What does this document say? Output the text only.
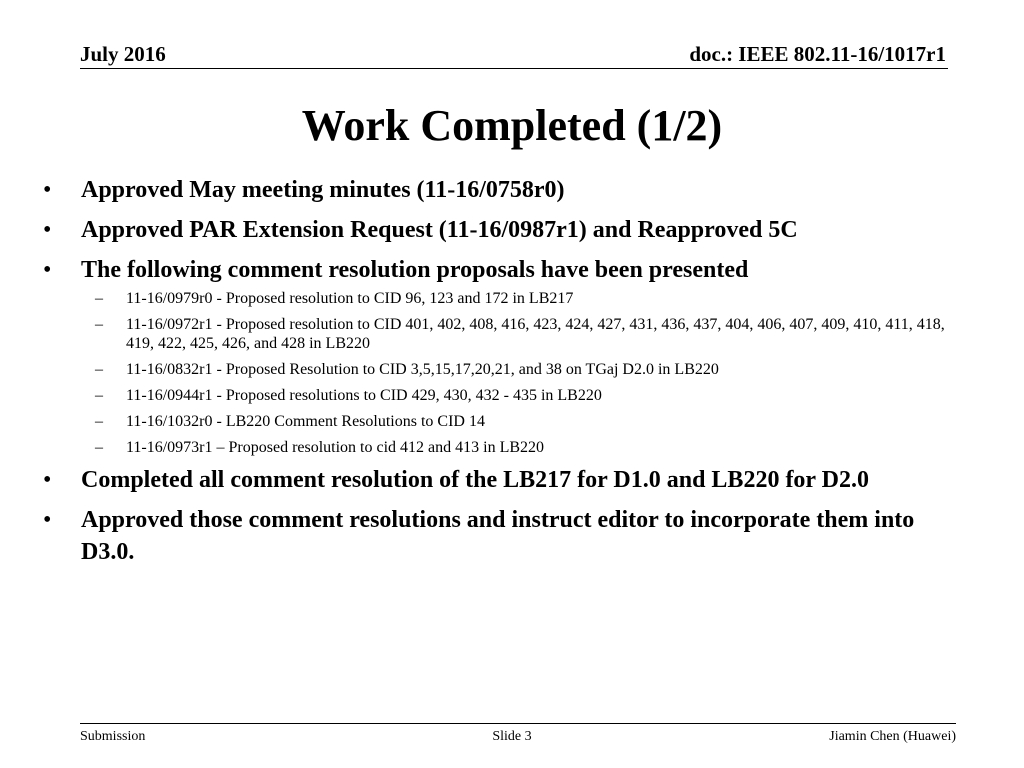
July 2016	doc.: IEEE 802.11-16/1017r1
Work Completed (1/2)
• Approved May meeting minutes (11-16/0758r0)
• Approved PAR Extension Request (11-16/0987r1) and Reapproved 5C
• The following comment resolution proposals have been presented
– 11-16/0979r0 - Proposed resolution to CID 96, 123 and 172 in LB217
– 11-16/0972r1 - Proposed resolution to CID 401, 402, 408, 416, 423, 424, 427, 431, 436, 437, 404, 406, 407, 409, 410, 411, 418, 419, 422, 425, 426, and 428 in LB220
– 11-16/0832r1 - Proposed Resolution to CID 3,5,15,17,20,21, and 38 on TGaj D2.0 in LB220
– 11-16/0944r1 - Proposed resolutions to CID 429, 430, 432 - 435 in LB220
– 11-16/1032r0 - LB220 Comment Resolutions to CID 14
– 11-16/0973r1 – Proposed resolution to cid 412 and 413 in LB220
• Completed all comment resolution of the LB217 for D1.0 and LB220 for D2.0
• Approved those comment resolutions and instruct editor to incorporate them into D3.0.
Submission	Slide 3	Jiamin Chen (Huawei)
